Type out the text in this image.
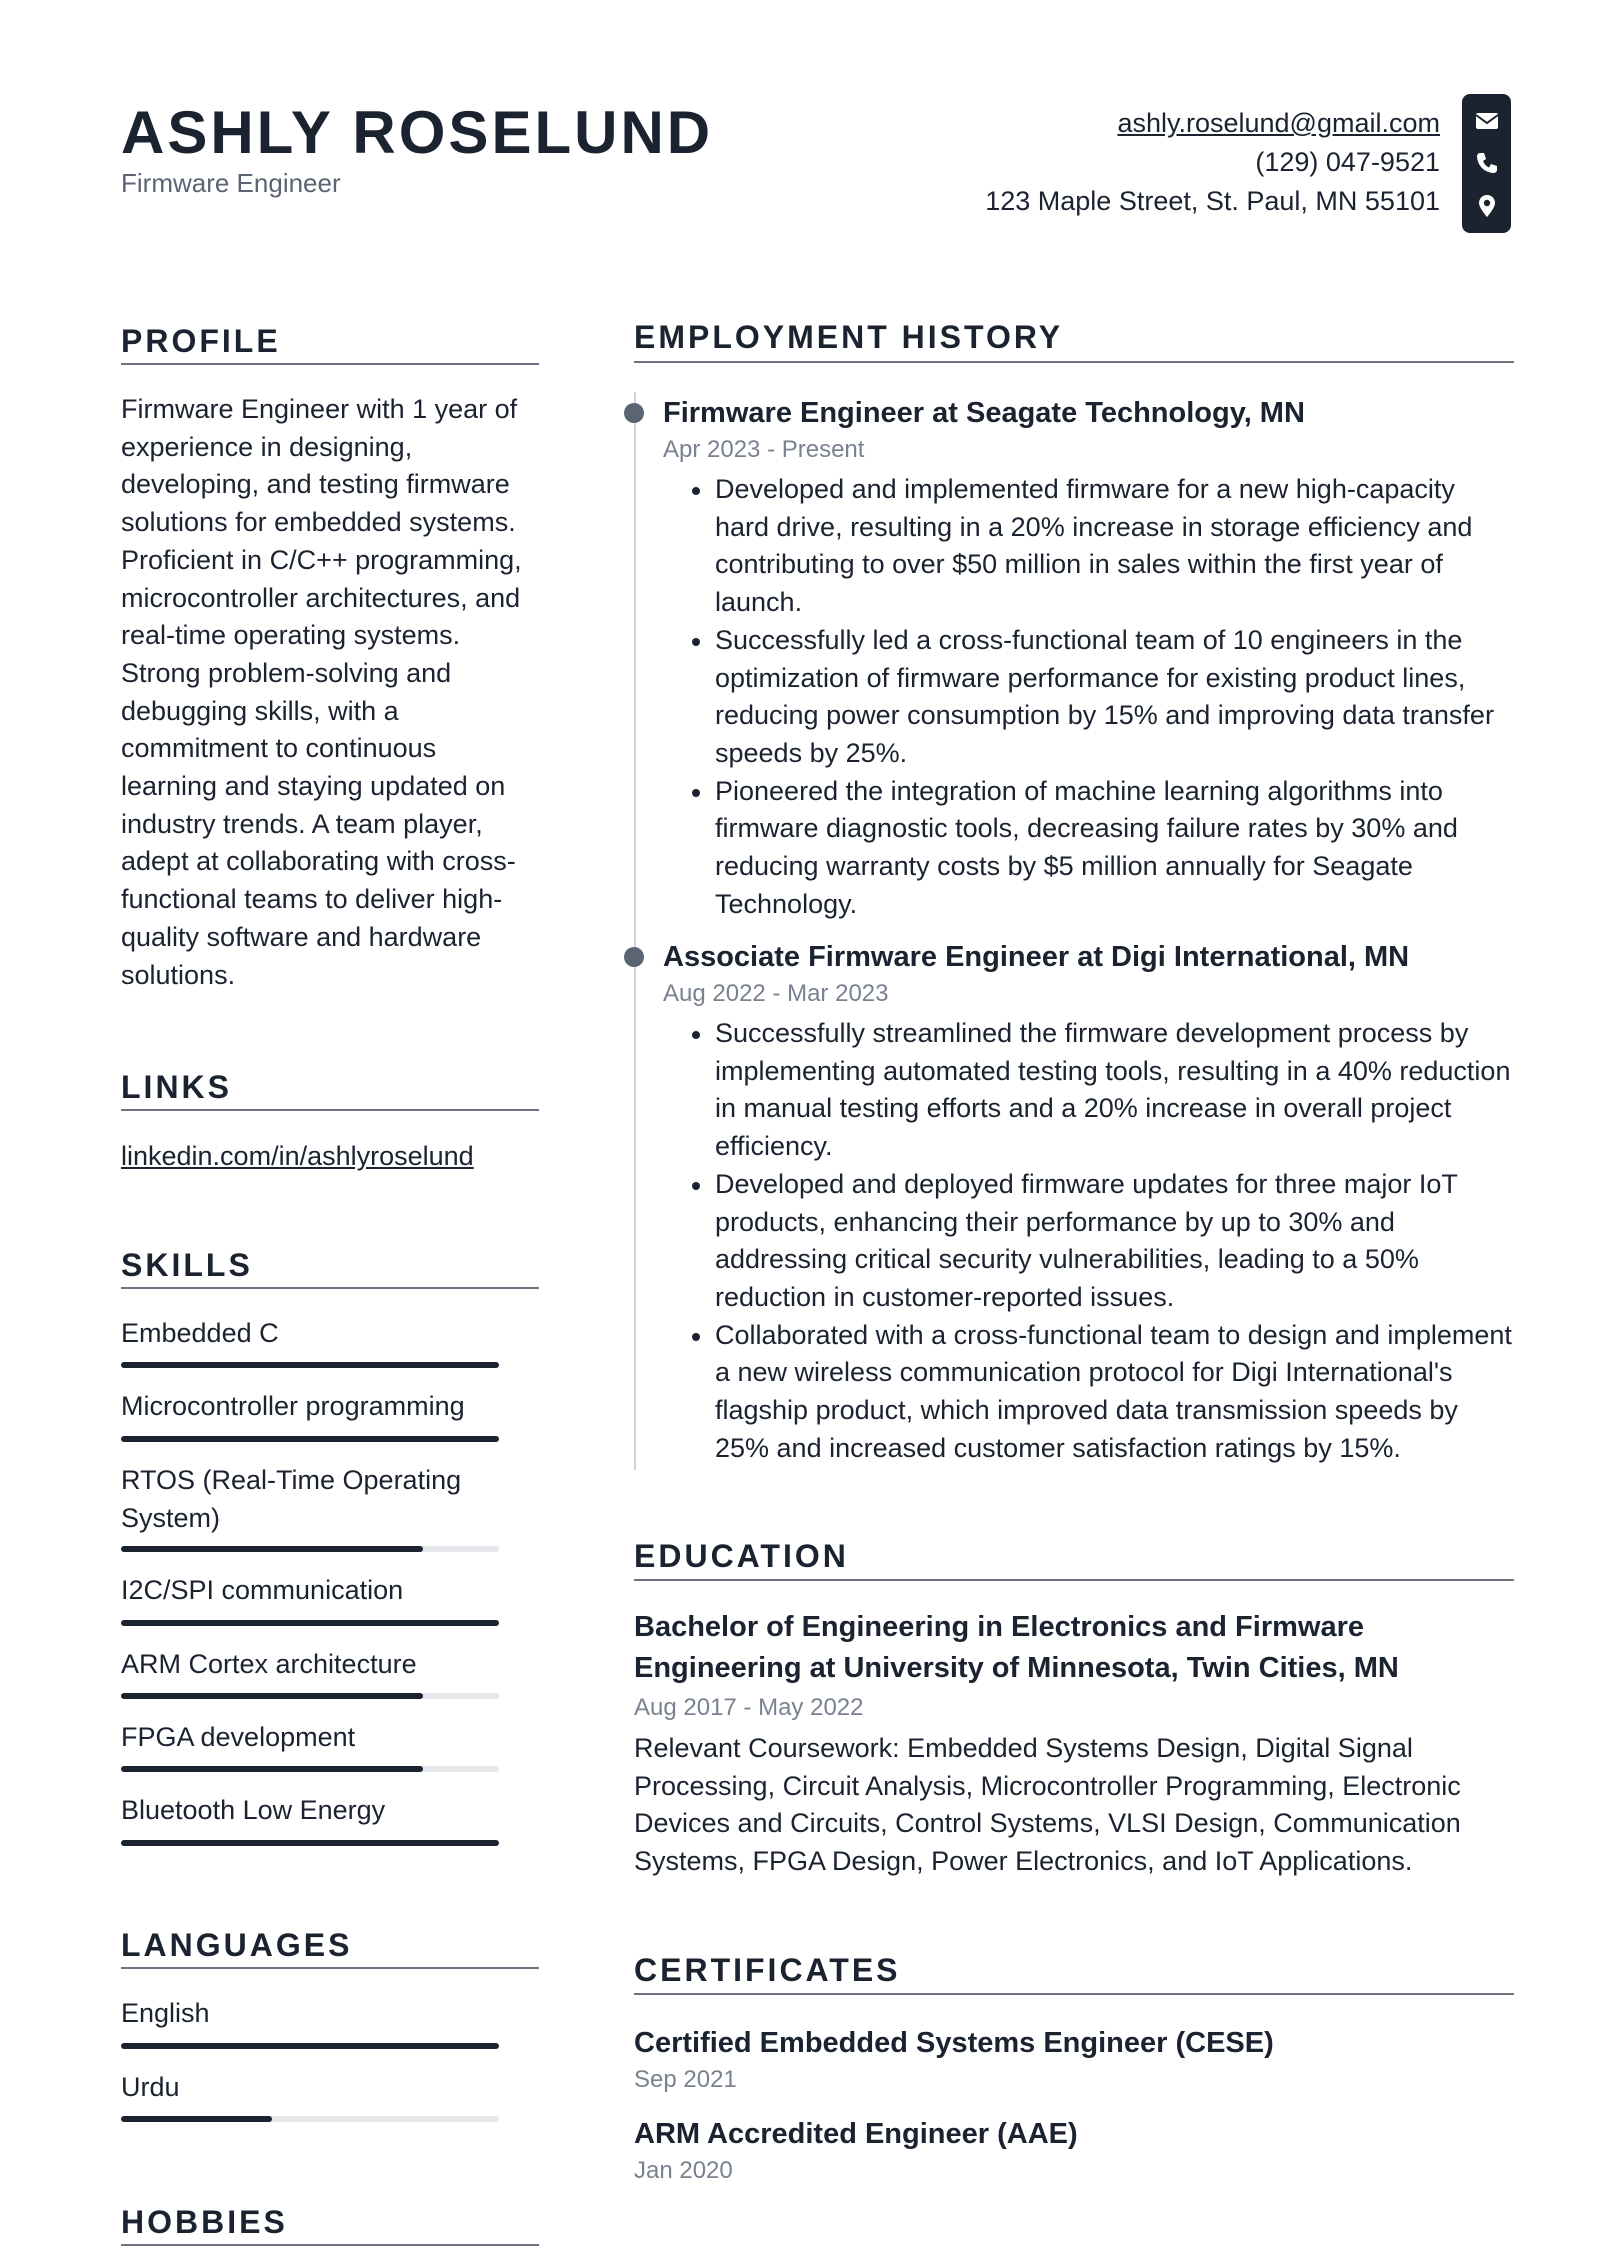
ASHLY ROSELUND
Firmware Engineer
ashly.roselund@gmail.com
(129) 047-9521
123 Maple Street, St. Paul, MN 55101
PROFILE
Firmware Engineer with 1 year of experience in designing, developing, and testing firmware solutions for embedded systems. Proficient in C/C++ programming, microcontroller architectures, and real-time operating systems. Strong problem-solving and debugging skills, with a commitment to continuous learning and staying updated on industry trends. A team player, adept at collaborating with cross-functional teams to deliver high-quality software and hardware solutions.
LINKS
linkedin.com/in/ashlyroselund
SKILLS
Embedded C
Microcontroller programming
RTOS (Real-Time Operating System)
I2C/SPI communication
ARM Cortex architecture
FPGA development
Bluetooth Low Energy
LANGUAGES
English
Urdu
HOBBIES
EMPLOYMENT HISTORY
Firmware Engineer at Seagate Technology, MN
Apr 2023 - Present
Developed and implemented firmware for a new high-capacity hard drive, resulting in a 20% increase in storage efficiency and contributing to over $50 million in sales within the first year of launch.
Successfully led a cross-functional team of 10 engineers in the optimization of firmware performance for existing product lines, reducing power consumption by 15% and improving data transfer speeds by 25%.
Pioneered the integration of machine learning algorithms into firmware diagnostic tools, decreasing failure rates by 30% and reducing warranty costs by $5 million annually for Seagate Technology.
Associate Firmware Engineer at Digi International, MN
Aug 2022 - Mar 2023
Successfully streamlined the firmware development process by implementing automated testing tools, resulting in a 40% reduction in manual testing efforts and a 20% increase in overall project efficiency.
Developed and deployed firmware updates for three major IoT products, enhancing their performance by up to 30% and addressing critical security vulnerabilities, leading to a 50% reduction in customer-reported issues.
Collaborated with a cross-functional team to design and implement a new wireless communication protocol for Digi International's flagship product, which improved data transmission speeds by 25% and increased customer satisfaction ratings by 15%.
EDUCATION
Bachelor of Engineering in Electronics and Firmware Engineering at University of Minnesota, Twin Cities, MN
Aug 2017 - May 2022
Relevant Coursework: Embedded Systems Design, Digital Signal Processing, Circuit Analysis, Microcontroller Programming, Electronic Devices and Circuits, Control Systems, VLSI Design, Communication Systems, FPGA Design, Power Electronics, and IoT Applications.
CERTIFICATES
Certified Embedded Systems Engineer (CESE)
Sep 2021
ARM Accredited Engineer (AAE)
Jan 2020
